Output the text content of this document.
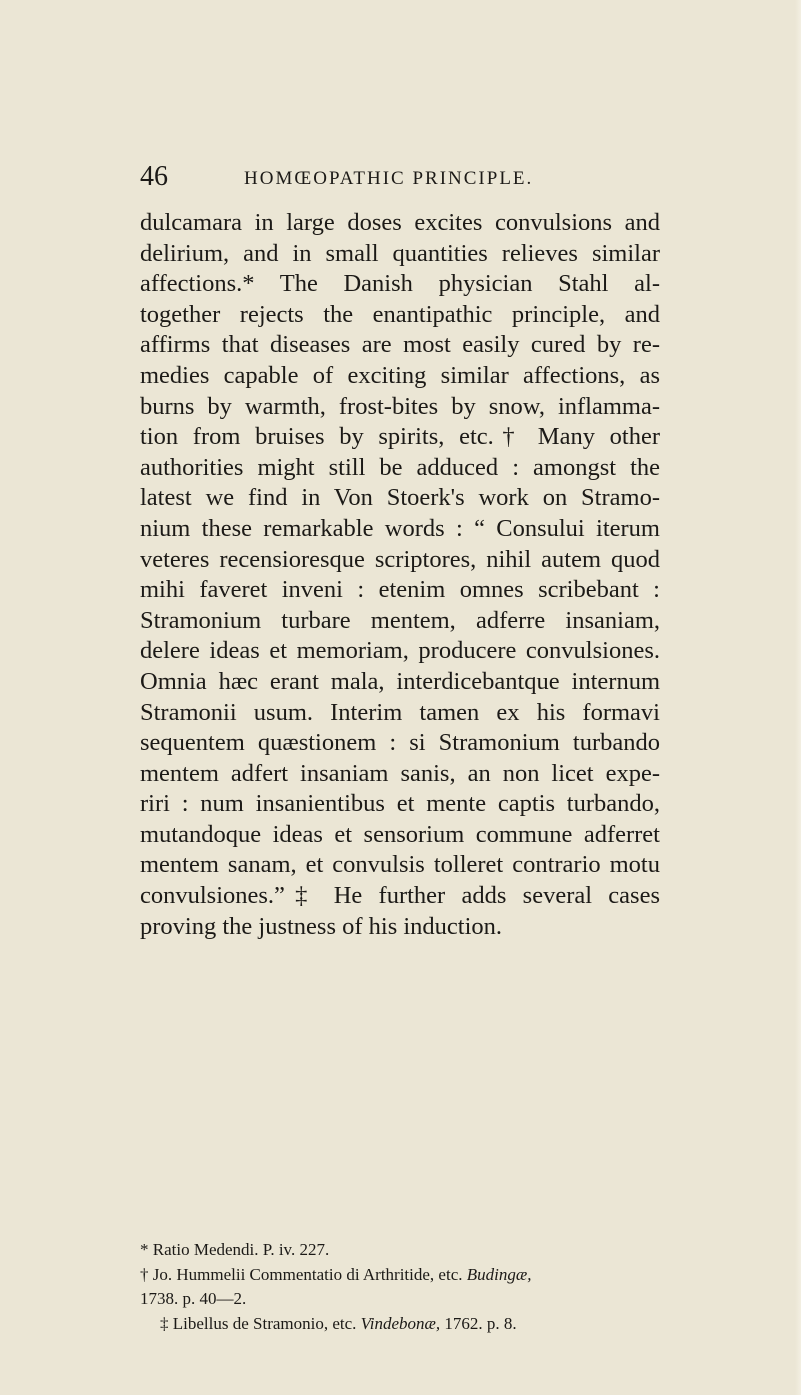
46	HOMŒOPATHIC PRINCIPLE.
dulcamara in large doses excites convulsions and
delirium, and in small quantities relieves similar
affections.* The Danish physician Stahl al-
together rejects the enantipathic principle, and
affirms that diseases are most easily cured by re-
medies capable of exciting similar affections, as
burns by warmth, frost-bites by snow, inflamma-
tion from bruises by spirits, etc.† Many other
authorities might still be adduced : amongst the
latest we find in Von Stoerk's work on Stramo-
nium these remarkable words : “ Consului iterum
veteres recensioresque scriptores, nihil autem quod
mihi faveret inveni : etenim omnes scribebant :
Stramonium turbare mentem, adferre insaniam,
delere ideas et memoriam, producere convulsiones.
Omnia hæc erant mala, interdicebantque internum
Stramonii usum. Interim tamen ex his formavi
sequentem quæstionem : si Stramonium turbando
mentem adfert insaniam sanis, an non licet expe-
riri : num insanientibus et mente captis turbando,
mutandoque ideas et sensorium commune adferret
mentem sanam, et convulsis tolleret contrario motu
convulsiones.”‡ He further adds several cases
proving the justness of his induction.
* Ratio Medendi. P. iv. 227.
† Jo. Hummelii Commentatio di Arthritide, etc. Budingæ,
1738. p. 40—2.
‡ Libellus de Stramonio, etc. Vindebonæ, 1762. p. 8.
